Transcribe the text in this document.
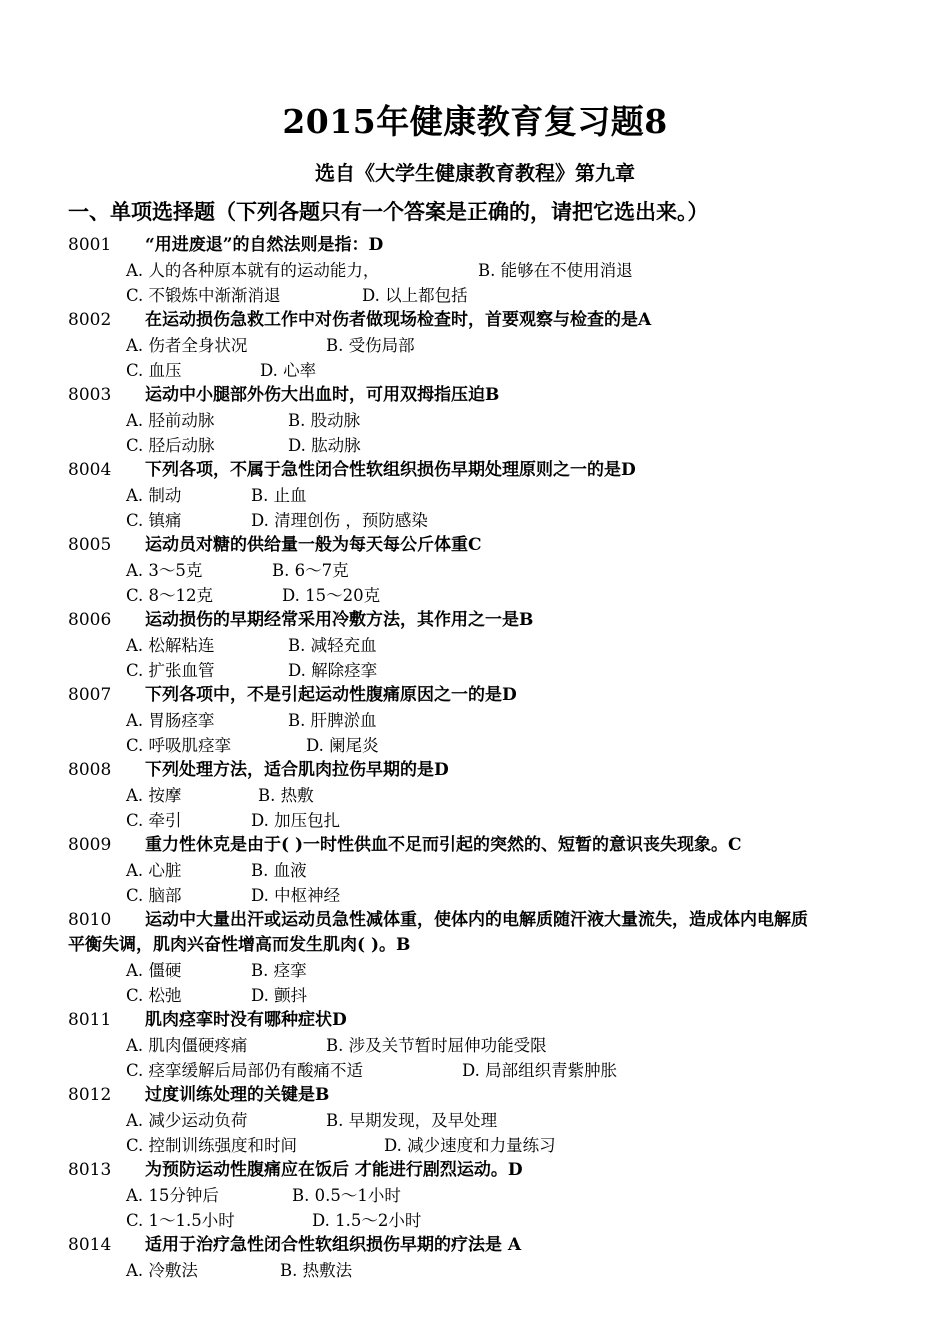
2015年健康教育复习题8
选自《大学生健康教育教程》第九章
一、单项选择题（下列各题只有一个答案是正确的，请把它选出来。）
8001 “用进废退”的自然法则是指：D
A. 人的各种原本就有的运动能力，	B. 能够在不使用消退
C. 不锻炼中渐渐消退	D. 以上都包括
8002 在运动损伤急救工作中对伤者做现场检查时，首要观察与检查的是A
A. 伤者全身状况	B. 受伤局部
C. 血压	D. 心率
8003 运动中小腿部外伤大出血时，可用双拇指压迫B
A. 胫前动脉	B. 股动脉
C. 胫后动脉	D. 肱动脉
8004 下列各项，不属于急性闭合性软组织损伤早期处理原则之一的是D
A. 制动	B. 止血
C. 镇痛	D. 清理创伤 ，预防感染
8005 运动员对糖的供给量一般为每天每公斤体重C
A. 3～5克	B. 6～7克
C. 8～12克	D. 15～20克
8006 运动损伤的早期经常采用冷敷方法，其作用之一是B
A. 松解粘连	B. 减轻充血
C. 扩张血管	D. 解除痉挛
8007 下列各项中，不是引起运动性腹痛原因之一的是D
A. 胃肠痉挛	B. 肝脾淤血
C. 呼吸肌痉挛	D. 阑尾炎
8008 下列处理方法，适合肌肉拉伤早期的是D
A. 按摩	B. 热敷
C. 牵引	D. 加压包扎
8009 重力性休克是由于( )一时性供血不足而引起的突然的、短暂的意识丧失现象。C
A. 心脏	B. 血液
C. 脑部	D. 中枢神经
8010 运动中大量出汗或运动员急性减体重，使体内的电解质随汗液大量流失，造成体内电解质
平衡失调，肌肉兴奋性增高而发生肌肉( )。B
A. 僵硬	B. 痉挛
C. 松弛	D. 颤抖
8011 肌肉痉挛时没有哪种症状D
A. 肌肉僵硬疼痛	B. 涉及关节暂时屈伸功能受限
C. 痉挛缓解后局部仍有酸痛不适	D. 局部组织青紫肿胀
8012 过度训练处理的关键是B
A. 减少运动负荷	B. 早期发现，及早处理
C. 控制训练强度和时间	D. 减少速度和力量练习
8013 为预防运动性腹痛应在饭后 才能进行剧烈运动。D
A. 15分钟后	B. 0.5～1小时
C. 1～1.5小时	D. 1.5～2小时
8014 适用于治疗急性闭合性软组织损伤早期的疗法是 A
A. 冷敷法	B. 热敷法
